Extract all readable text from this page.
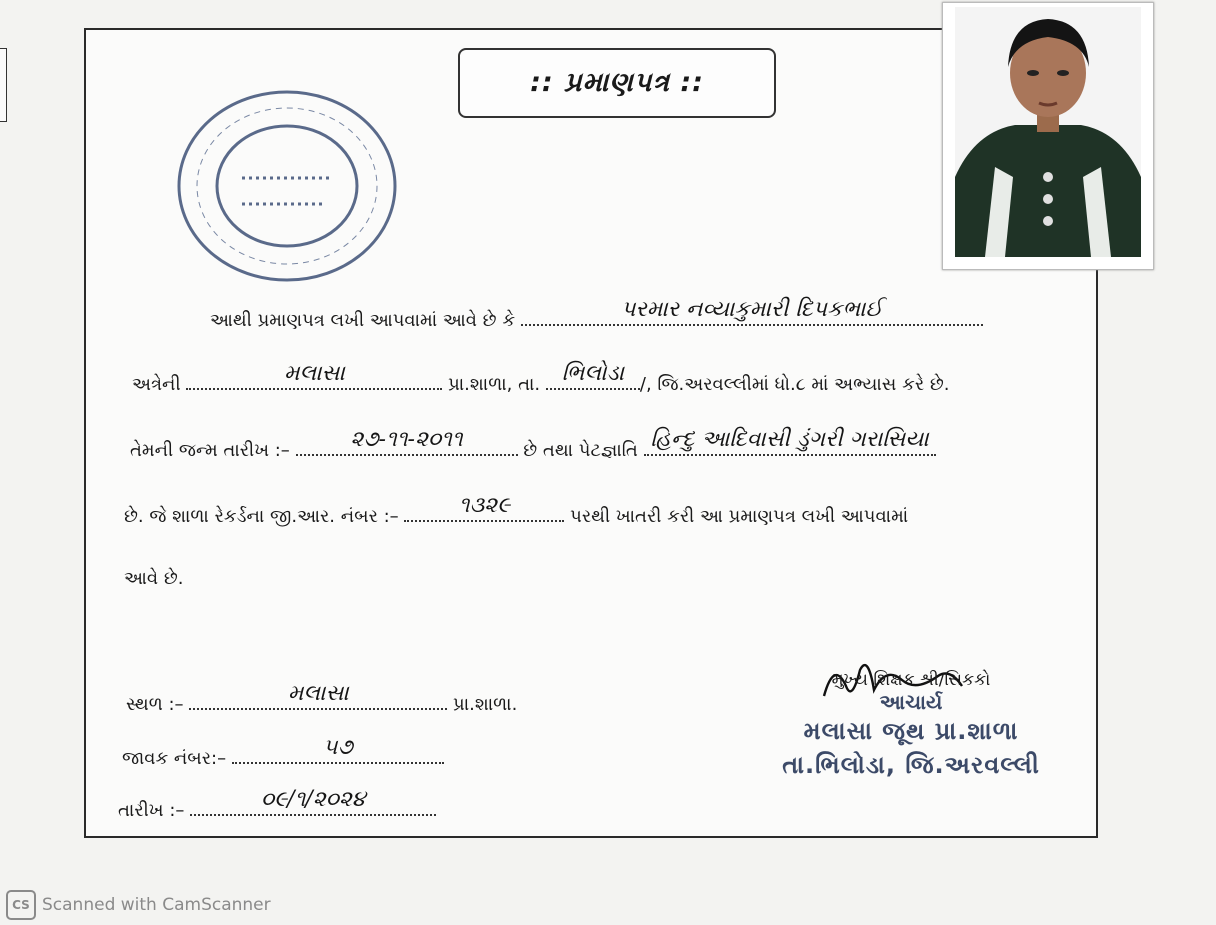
:: પ્રમાણપત્ર ::
આથી પ્રમાણપત્ર લખી આપવામાં આવે છે કે	પરમાર નવ્યાકુમારી દિપકભાઈ
અત્રેની	મલાસા	પ્રા.શાળા, તા. ભિલોડા /, જિ.અરવલ્લીમાં ધો.૮ માં અભ્યાસ કરે છે.
તેમની જન્મ તારીખ :–	૨૭-૧૧-૨૦૧૧	છે તથા પેટજ્ઞાતિ હિન્દુ આદિવાસી ડુંગરી ગરાસિયા
છે. જે શાળા રેકર્ડના જી.આર. નંબર :–	૧૩૨૯	પરથી ખાતરી કરી આ પ્રમાણપત્ર લખી આપવામાં
આવે છે.
સ્થળ :–	મલાસા	પ્રા.શાળા.
જાવક નંબર:–	૫૭
તારીખ :–	૦૯/૧/૨૦૨૪
મુખ્ય શિક્ષક શ્રી/સિકકો
આચાર્ય
મલાસા જૂથ પ્રા.શાળા
તા.ભિલોડા, જિ.અરવલ્લી
CS Scanned with CamScanner
